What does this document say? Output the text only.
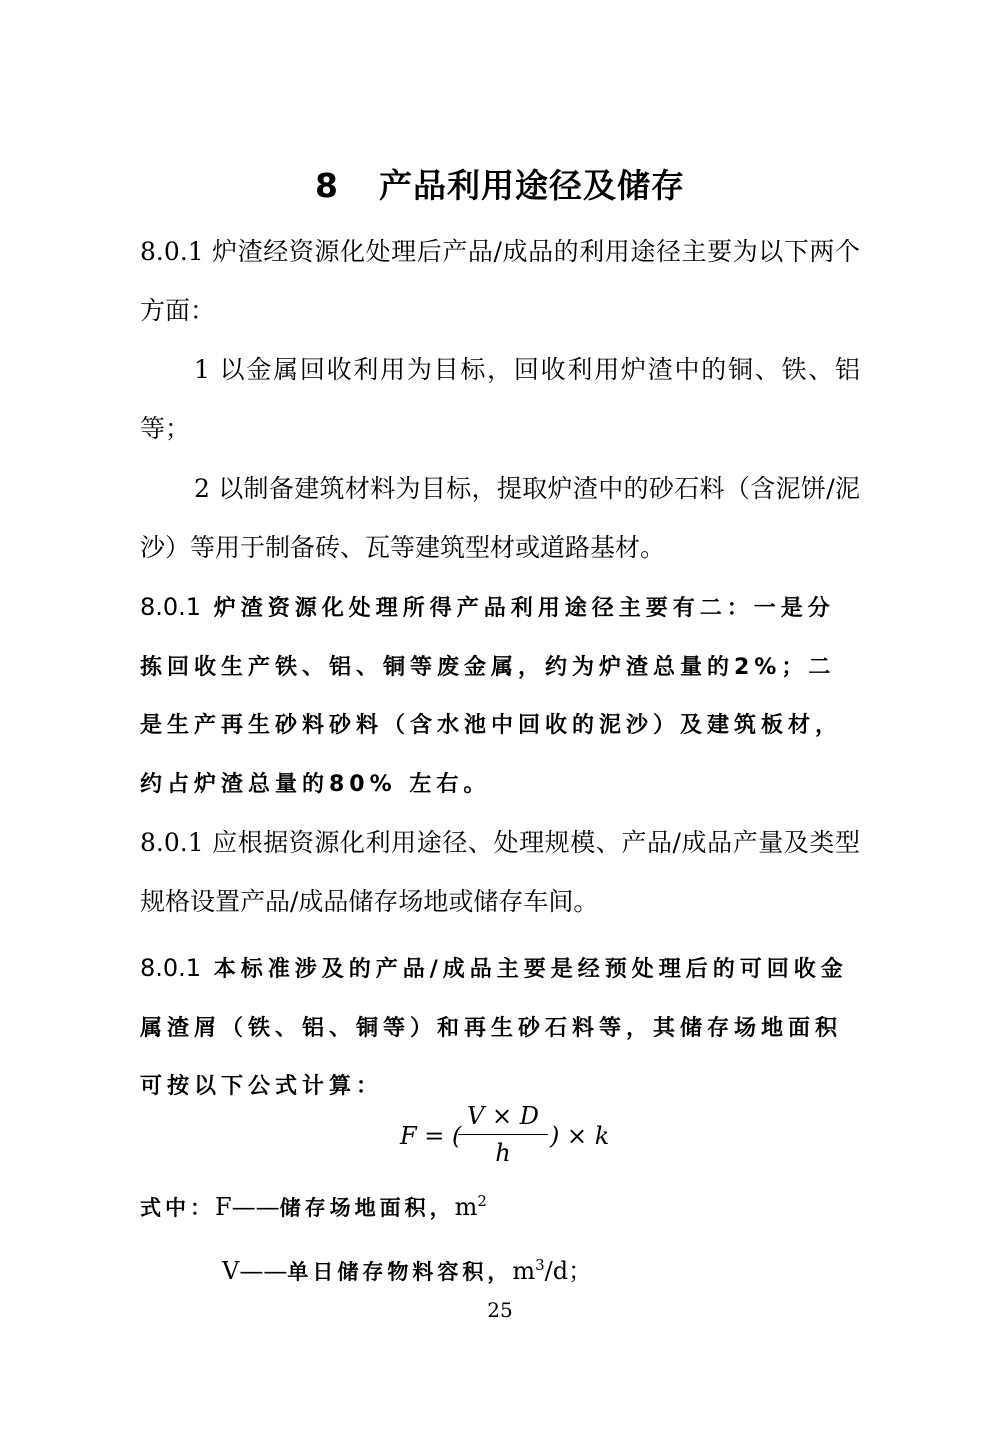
8 产品利用途径及储存

8.0.1 炉渣经资源化处理后产品/成品的利用途径主要为以下两个方面：

1 以金属回收利用为目标，回收利用炉渣中的铜、铁、铝等；

2 以制备建筑材料为目标，提取炉渣中的砂石料（含泥饼/泥沙）等用于制备砖、瓦等建筑型材或道路基材。

8.0.1 炉渣资源化处理所得产品利用途径主要有二：一是分拣回收生产铁、铝、铜等废金属，约为炉渣总量的2%；二是生产再生砂料砂料（含水池中回收的泥沙）及建筑板材，约占炉渣总量的80% 左右。

8.0.1 应根据资源化利用途径、处理规模、产品/成品产量及类型规格设置产品/成品储存场地或储存车间。

8.0.1 本标准涉及的产品/成品主要是经预处理后的可回收金属渣屑（铁、铝、铜等）和再生砂石料等，其储存场地面积可按以下公式计算：

F = (
V × D
h
) × k
式中：F——储存场地面积，$m^2$
V——单日储存物料容积，$m^3/d$；
25
